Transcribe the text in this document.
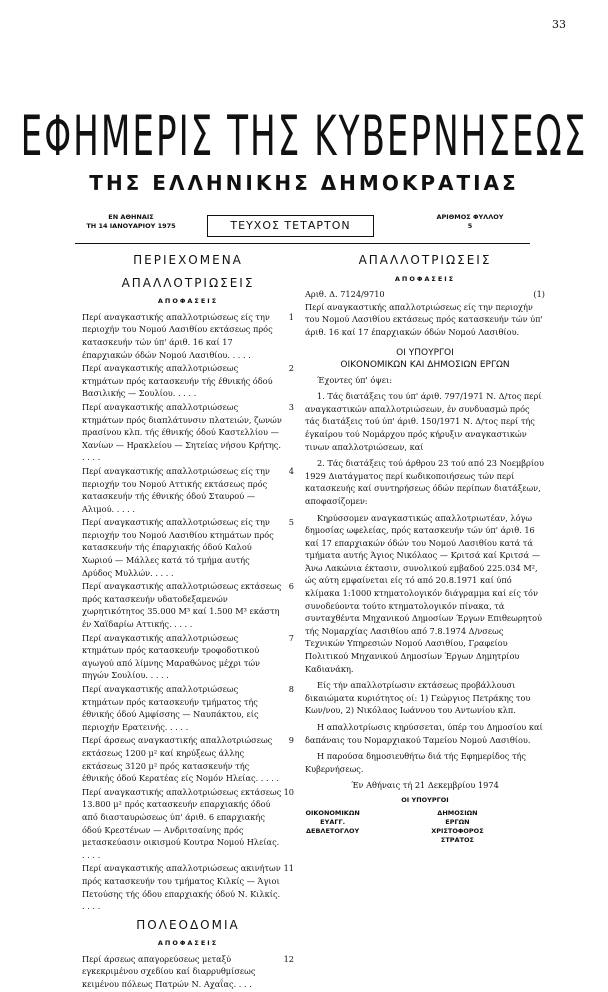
33
ΕΦΗΜΕΡΙΣ ΤΗΣ ΚΥΒΕΡΝΗΣΕΩΣ
ΤΗΣ ΕΛΛΗΝΙΚΗΣ ΔΗΜΟΚΡΑΤΙΑΣ
ΕΝ ΑΘΗΝΑΙΣ
ΤΗ 14 ΙΑΝΟΥΑΡΙΟΥ 1975	ΤΕΥΧΟΣ ΤΕΤΑΡΤΟΝ
ΑΡΙΘΜΟΣ ΦΥΛΛΟΥ
5
ΠΕΡΙΕΧΟΜΕΝΑ
ΑΠΑΛΛΟΤΡΙΩΣΕΙΣ
ΑΠΟΦΑΣΕΙΣ
Περί αναγκαστικής απαλλοτριώσεως είς την περιοχήν του Νομού Λασιθίου εκτάσεως πρός κατασκευήν τών ύπ' άριθ. 16 καί 17 έπαρχιακών όδών Νομού Λασιθίου. . . . .
1
Περί αναγκαστικής απαλλοτριώσεως κτημάτων πρός κατασκευήν τής έθνικής όδού Βασιλικής — Σουλίου. . . . .
2
Περί αναγκαστικής απαλλοτριώσεως κτημάτων πρός διαπλάτυνσιν πλατειών, ζωνών πρασίνου κλπ. τής έθνικής όδού Καστελλίου — Χανίων — Ηρακλείου — Σητείας νήσου Κρήτης. . . . .
3
Περί αναγκαστικής απαλλοτριώσεως είς την περιοχήν του Νομού Αττικής εκτάσεως πρός κατασκευήν τής έθνικής όδού Σταυρού — Αλιμού. . . . .
4
Περί αναγκαστικής απαλλοτριώσεως είς την περιοχήν του Νομού Λασιθίου κτημάτων πρός κατασκευήν τής έπαρχιακής όδού Καλού Χωριού — Μάλλες κατά τό τμήμα αυτής Δρύδος Μυλλών. . . . .
5
Περί αναγκαστικής απαλλοτριώσεως εκτάσεως πρός κατασκευήν υδατοδεξαμενών χωρητικότητος 35.000 Μ³ καί 1.500 Μ³ εκάστη έν Χαϊδαρίω Αττικής. . . . .
6
Περί αναγκαστικής απαλλοτριώσεως κτημάτων πρός κατασκευήν τροφοδοτικού αγωγού από λίμνης Μαραθώνος μέχρι τών πηγών Σουλίου. . . . .
7
Περί αναγκαστικής απαλλοτριώσεως κτημάτων πρός κατασκευήν τμήματος τής έθνικής όδού Αμφίσσης — Ναυπάκτου, είς περιοχήν Ερατεινής. . . . .
8
Περί άρσεως αναγκαστικής απαλλοτριώσεως εκτάσεως 1200 μ² καί κηρύξεως άλλης εκτάσεως 3120 μ² πρός κατασκευήν τής έθνικής όδού Κερατέας είς Νομόν Ηλείας. . . . .
9
Περί αναγκαστικής απαλλοτριώσεως εκτάσεως 13.800 μ² πρός κατασκευήν επαρχιακής όδού από διασταυρώσεως ύπ' άριθ. 6 επαρχιακής όδού Κρεστένων — Ανδριτσαίνης πρός μετασκεύασιν οικισμού Κουτρα Νομού Ηλείας. . . . .
10
Περί αναγκαστικής απαλλοτριώσεως ακινήτων πρός κατασκευήν του τμήματος Κιλκίς — Άγιοι Πετούσης τής όδου επαρχιακής όδού Ν. Κιλκίς. . . . .
11
ΠΟΛΕΟΔΟΜΙΑ
ΑΠΟΦΑΣΕΙΣ
Περί άρσεως απαγορεύσεως μεταξύ εγκεκριμένου σχεδίου καί διαρρυθμίσεως κειμένου πόλεως Πατρών Ν. Αχαΐας. . . .
12
ΑΠΑΛΛΟΤΡΙΩΣΕΙΣ
ΑΠΟΦΑΣΕΙΣ
Αριθ. Δ. 7124/9710	(1)

Περί αναγκαστικής απαλλοτριώσεως είς την περιοχήν του Νομού Λασιθίου εκτάσεως πρός κατασκευήν τών ύπ' άριθ. 16 καί 17 έπαρχιακών όδών Νομού Λασιθίου.

ΟΙ ΥΠΟΥΡΓΟΙ
ΟΙΚΟΝΟΜΙΚΩΝ ΚΑΙ ΔΗΜΟΣΙΩΝ ΕΡΓΩΝ

Έχοντες ύπ' όψει:

1. Τάς διατάξεις του ύπ' άριθ. 797/1971 Ν. Δ/τος περί αναγκαστικών απαλλοτριώσεων, έν συνδυασμώ πρός τάς διατάξεις τού ύπ' άριθ. 150/1971 Ν. Δ/τος περί τής έγκαίρου τού Νομάρχου πρός κήρυξιν αναγκαστικών τινων απαλλοτριώσεων, καί

2. Τάς διατάξεις τού άρθρου 23 τού από 23 Νοεμβρίου 1929 Διατάγματος περί κωδικοποιήσεως τών περί κατασκευής καί συντηρήσεως όδών περίπων διατάξεων, αποφασίζομεν:

Κηρύσσομεν αναγκαστικώς απαλλοτριωτέαν, λόγω δημοσίας ωφελείας, πρός κατασκευήν τών ύπ' άριθ. 16 καί 17 επαρχιακών όδών του Νομού Λασιθίου κατά τά τμήματα αυτής Άγιος Νικόλαος — Κριτσά καί Κριτσά — Άνω Λακώνια έκτασιν, συνολικού εμβαδού 225.034 Μ², ώς αύτη εμφαίνεται είς τό από 20.8.1971 καί ύπό κλίμακα 1:1000 κτηματολογικόν διάγραμμα καί είς τόν συνοδεύοντα τούτο κτηματολογικόν πίνακα, τά συνταχθέντα Μηχανικού Δημοσίων Έργων Επιθεωρητού τής Νομαρχίας Λασιθίου από 7.8.1974 Δ/νσεως Τεχνικών Υπηρεσιών Νομού Λασιθίου, Γραφείου Πολιτικού Μηχανικού Δημοσίων Έργων Δημητρίου Καδιανάκη.

Είς τήν απαλλοτρίωσιν εκτάσεως προβάλλουσι δικαιώματα κυριότητος οί: 1) Γεώργιος Πετράκης του Κων/νου, 2) Νικόλαος Ιωάννου του Αντωνίου κλπ.

Η απαλλοτρίωσις κηρύσσεται, ύπέρ του Δημοσίου καί δαπάναις του Νομαρχιακού Ταμείου Νομού Λασιθίου.

Η παρούσα δημοσιευθήτω διά τής Εφημερίδος τής Κυβερνήσεως.

Έν Αθήναις τή 21 Δεκεμβρίου 1974
ΟΙ ΥΠΟΥΡΓΟΙ
ΟΙΚΟΝΟΜΙΚΩΝ
ΕΥΑΓΓ. ΔΕΒΛΕΤΟΓΛΟΥ
ΔΗΜΟΣΙΩΝ ΕΡΓΩΝ
ΧΡΙΣΤΟΦΟΡΟΣ ΣΤΡΑΤΟΣ
